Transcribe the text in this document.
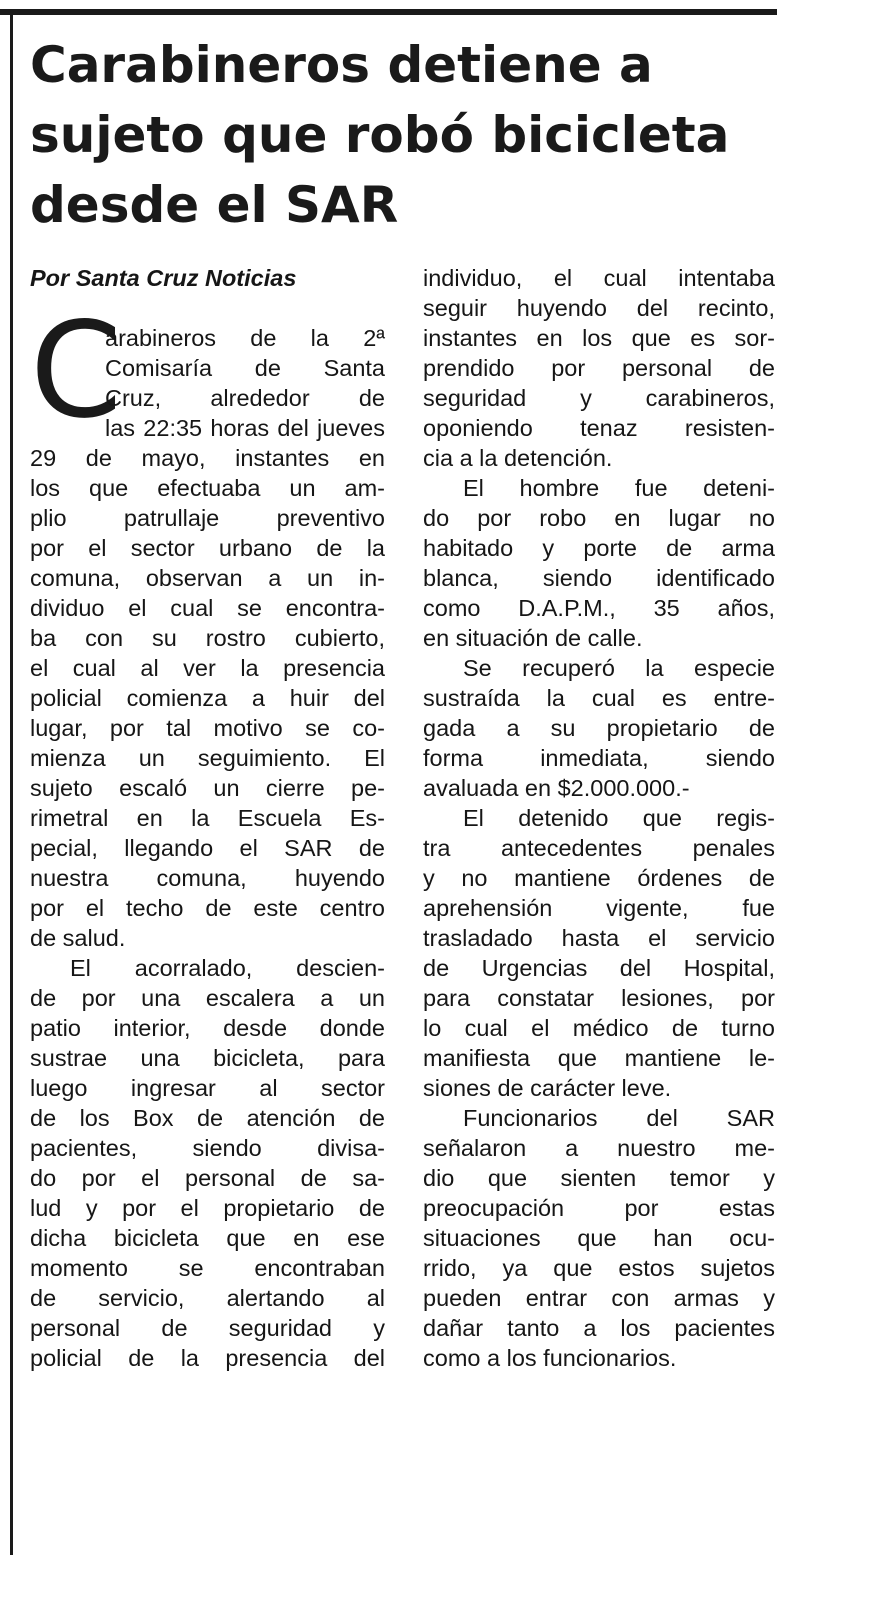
Carabineros detiene a
sujeto que robó bicicleta
desde el SAR
Por Santa Cruz Noticias
C
arabineros de la 2ª
Comisaría de Santa
Cruz, alrededor de
las 22:35 horas del jueves
29 de mayo, instantes en
los que efectuaba un am-
plio patrullaje preventivo
por el sector urbano de la
comuna, observan a un in-
dividuo el cual se encontra-
ba con su rostro cubierto,
el cual al ver la presencia
policial comienza a huir del
lugar, por tal motivo se co-
mienza un seguimiento. El
sujeto escaló un cierre pe-
rimetral en la Escuela Es-
pecial, llegando el SAR de
nuestra comuna, huyendo
por el techo de este centro
de salud.
El acorralado, descien-
de por una escalera a un
patio interior, desde donde
sustrae una bicicleta, para
luego ingresar al sector
de los Box de atención de
pacientes, siendo divisa-
do por el personal de sa-
lud y por el propietario de
dicha bicicleta que en ese
momento se encontraban
de servicio, alertando al
personal de seguridad y
policial de la presencia del
individuo, el cual intentaba
seguir huyendo del recinto,
instantes en los que es sor-
prendido por personal de
seguridad y carabineros,
oponiendo tenaz resisten-
cia a la detención.
El hombre fue deteni-
do por robo en lugar no
habitado y porte de arma
blanca, siendo identificado
como D.A.P.M., 35 años,
en situación de calle.
Se recuperó la especie
sustraída la cual es entre-
gada a su propietario de
forma inmediata, siendo
avaluada en $2.000.000.-
El detenido que regis-
tra antecedentes penales
y no mantiene órdenes de
aprehensión vigente, fue
trasladado hasta el servicio
de Urgencias del Hospital,
para constatar lesiones, por
lo cual el médico de turno
manifiesta que mantiene le-
siones de carácter leve.
Funcionarios del SAR
señalaron a nuestro me-
dio que sienten temor y
preocupación por estas
situaciones que han ocu-
rrido, ya que estos sujetos
pueden entrar con armas y
dañar tanto a los pacientes
como a los funcionarios.
